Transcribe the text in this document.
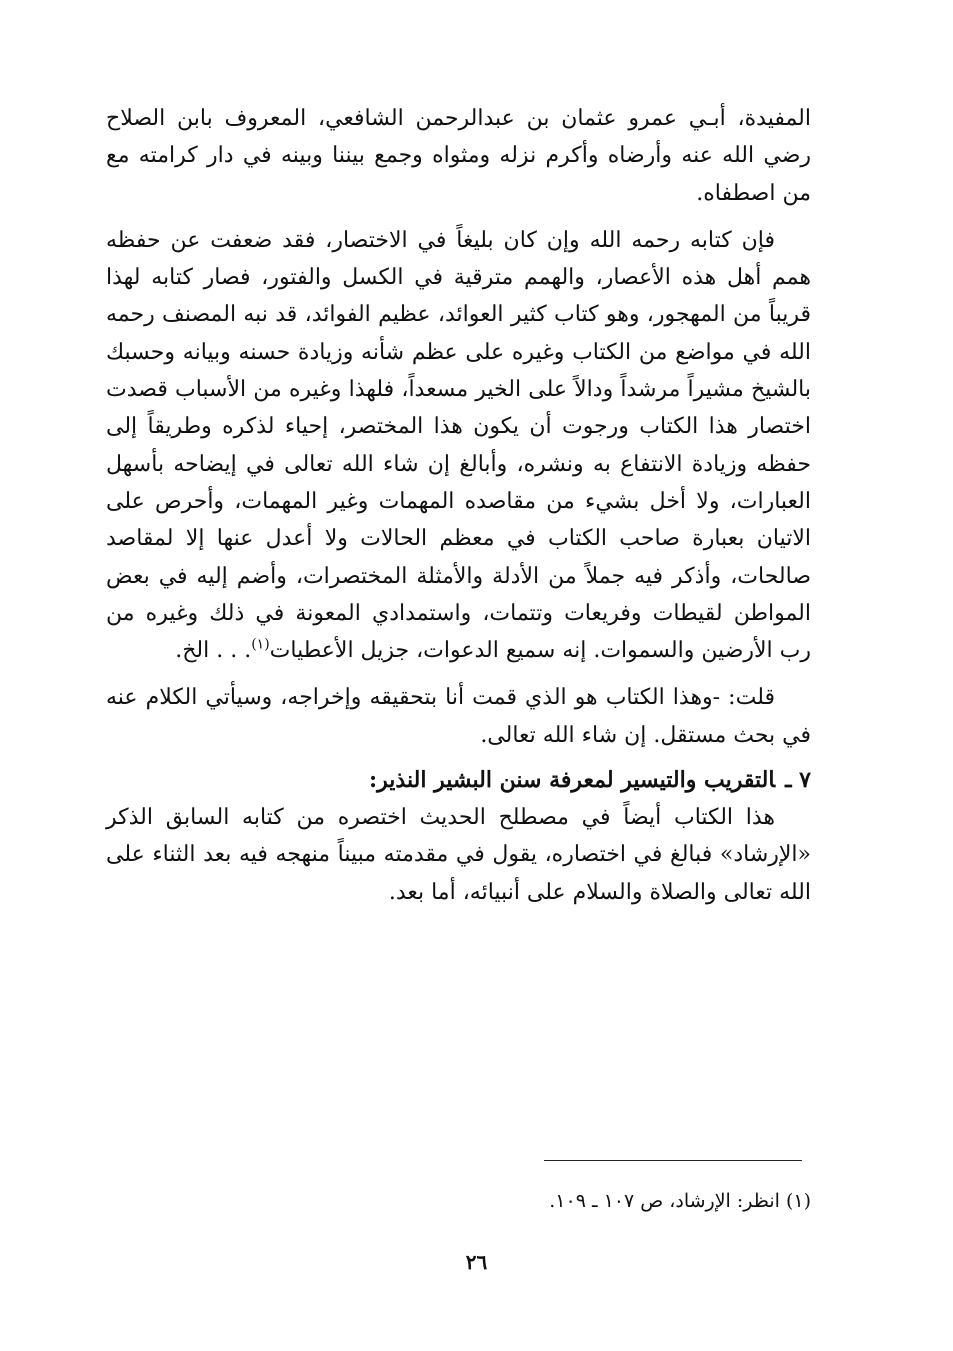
المفيدة، أبـي عمرو عثمان بن عبدالرحمن الشافعي، المعروف بابن الصلاح رضي الله عنه وأرضاه وأكرم نزله ومثواه وجمع بيننا وبينه في دار كرامته مع من اصطفاه.

فإن كتابه رحمه الله وإن كان بليغاً في الاختصار، فقد ضعفت عن حفظه همم أهل هذه الأعصار، والهمم مترقية في الكسل والفتور، فصار كتابه لهذا قريباً من المهجور، وهو كتاب كثير العوائد، عظيم الفوائد، قد نبه المصنف رحمه الله في مواضع من الكتاب وغيره على عظم شأنه وزيادة حسنه وبيانه وحسبك بالشيخ مشيراً مرشداً ودالاً على الخير مسعداً، فلهذا وغيره من الأسباب قصدت اختصار هذا الكتاب ورجوت أن يكون هذا المختصر، إحياء لذكره وطريقاً إلى حفظه وزيادة الانتفاع به ونشره، وأبالغ إن شاء الله تعالى في إيضاحه بأسهل العبارات، ولا أخل بشيء من مقاصده المهمات وغير المهمات، وأحرص على الاتيان بعبارة صاحب الكتاب في معظم الحالات ولا أعدل عنها إلا لمقاصد صالحات، وأذكر فيه جملاً من الأدلة والأمثلة المختصرات، وأضم إليه في بعض المواطن لقيطات وفريعات وتتمات، واستمدادي المعونة في ذلك وغيره من رب الأرضين والسموات. إنه سميع الدعوات، جزيل الأعطيات$^{(١)}$. . . الخ.

قلت: -وهذا الكتاب هو الذي قمت أنا بتحقيقه وإخراجه، وسيأتي الكلام عنه في بحث مستقل. إن شاء الله تعالى.

٧ ـالتقريب والتيسير لمعرفة سنن البشير النذير:

هذا الكتاب أيضاً في مصطلح الحديث اختصره من كتابه السابق الذكر «الإرشاد» فبالغ في اختصاره، يقول في مقدمته مبيناً منهجه فيه بعد الثناء على الله تعالى والصلاة والسلام على أنبيائه، أما بعد.

(١) انظر: الإرشاد، ص ١٠٧ ـ ١٠٩.
٢٦
